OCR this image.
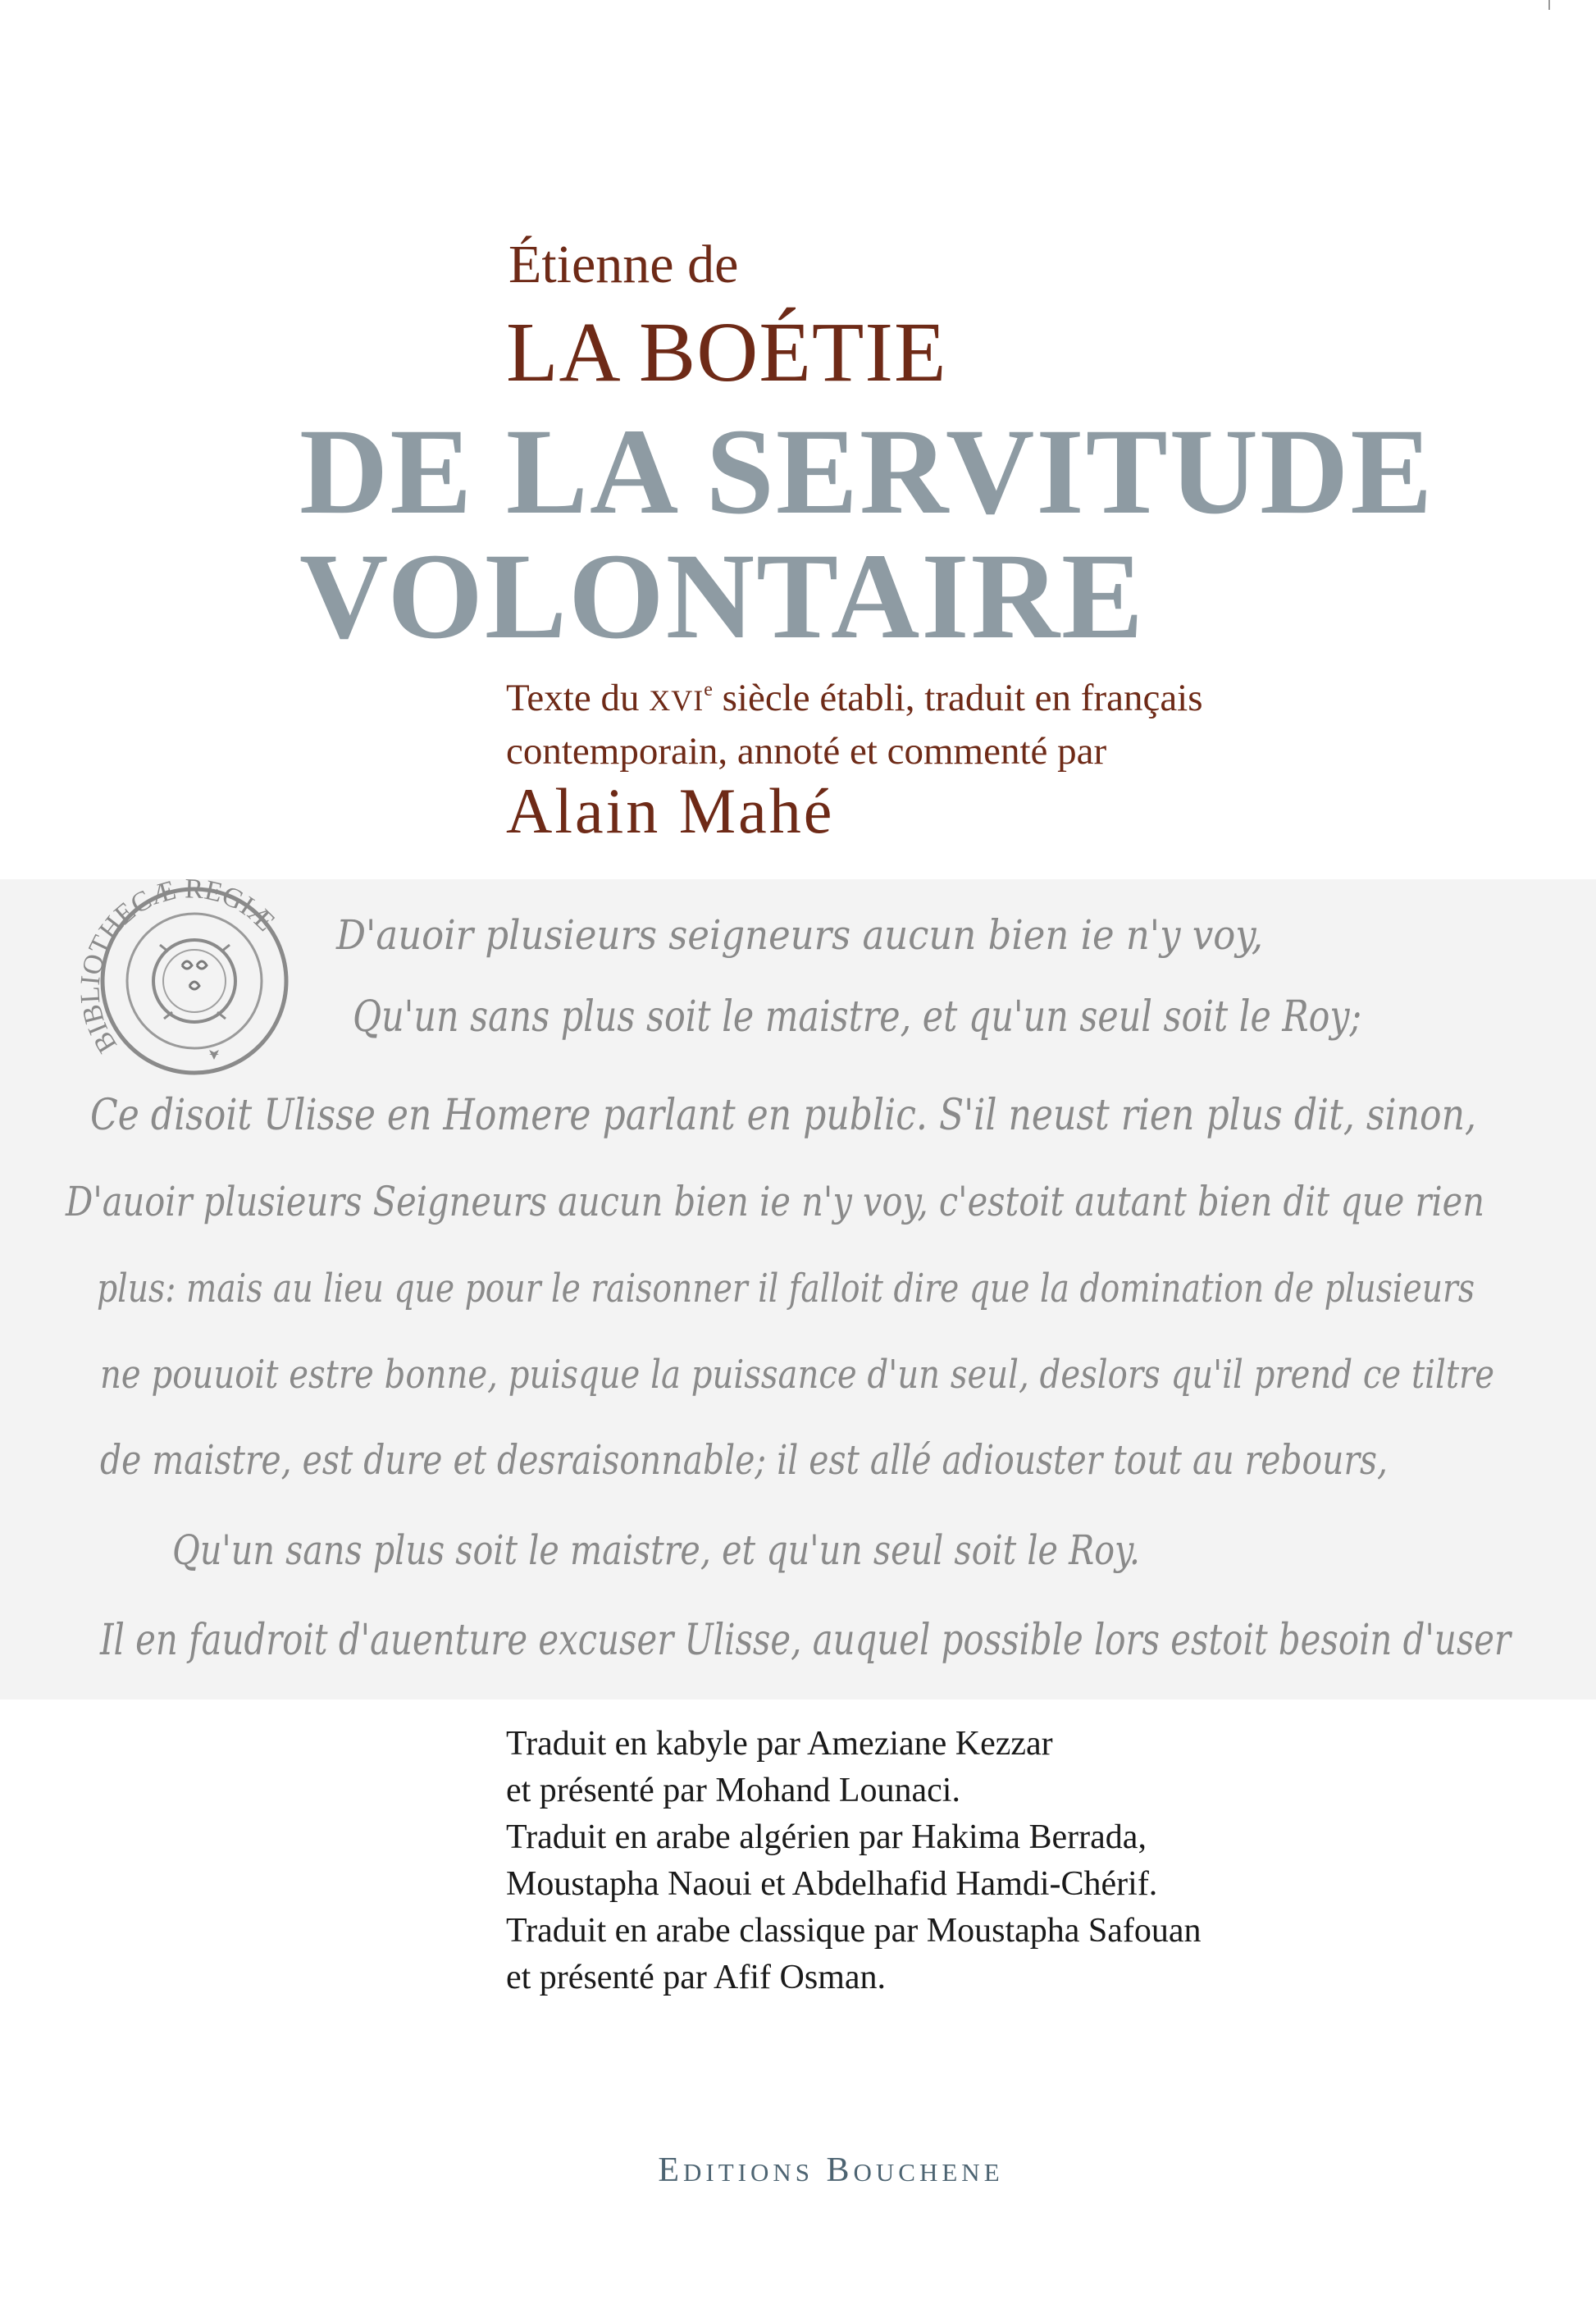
Étienne de
LA BOÉTIE
DE LA SERVITUDE
VOLONTAIRE
Texte du XVIe siècle établi, traduit en français
contemporain, annoté et commenté par
Alain Mahé
BIBLIOTHECÆ REGIÆ D'auoir plusieurs seigneurs aucun bien ie n'y voy,
Qu'un sans plus soit le maistre, et qu'un seul soit le Roy;
Ce disoit Ulisse en Homere parlant en public. S'il neust rien plus dit, sinon,
D'auoir plusieurs Seigneurs aucun bien ie n'y voy, c'estoit autant bien dit que rien
plus: mais au lieu que pour le raisonner il falloit dire que la domination de plusieurs
ne pouuoit estre bonne, puisque la puissance d'un seul, deslors qu'il prend ce tiltre
de maistre, est dure et desraisonnable; il est allé adiouster tout au rebours,
Qu'un sans plus soit le maistre, et qu'un seul soit le Roy.
Il en faudroit d'auenture excuser Ulisse, auquel possible lors estoit besoin d'user
Traduit en kabyle par Ameziane Kezzar
et présenté par Mohand Lounaci.
Traduit en arabe algérien par Hakima Berrada,
Moustapha Naoui et Abdelhafid Hamdi-Chérif.
Traduit en arabe classique par Moustapha Safouan
et présenté par Afif Osman.
EDITIONS BOUCHENE
